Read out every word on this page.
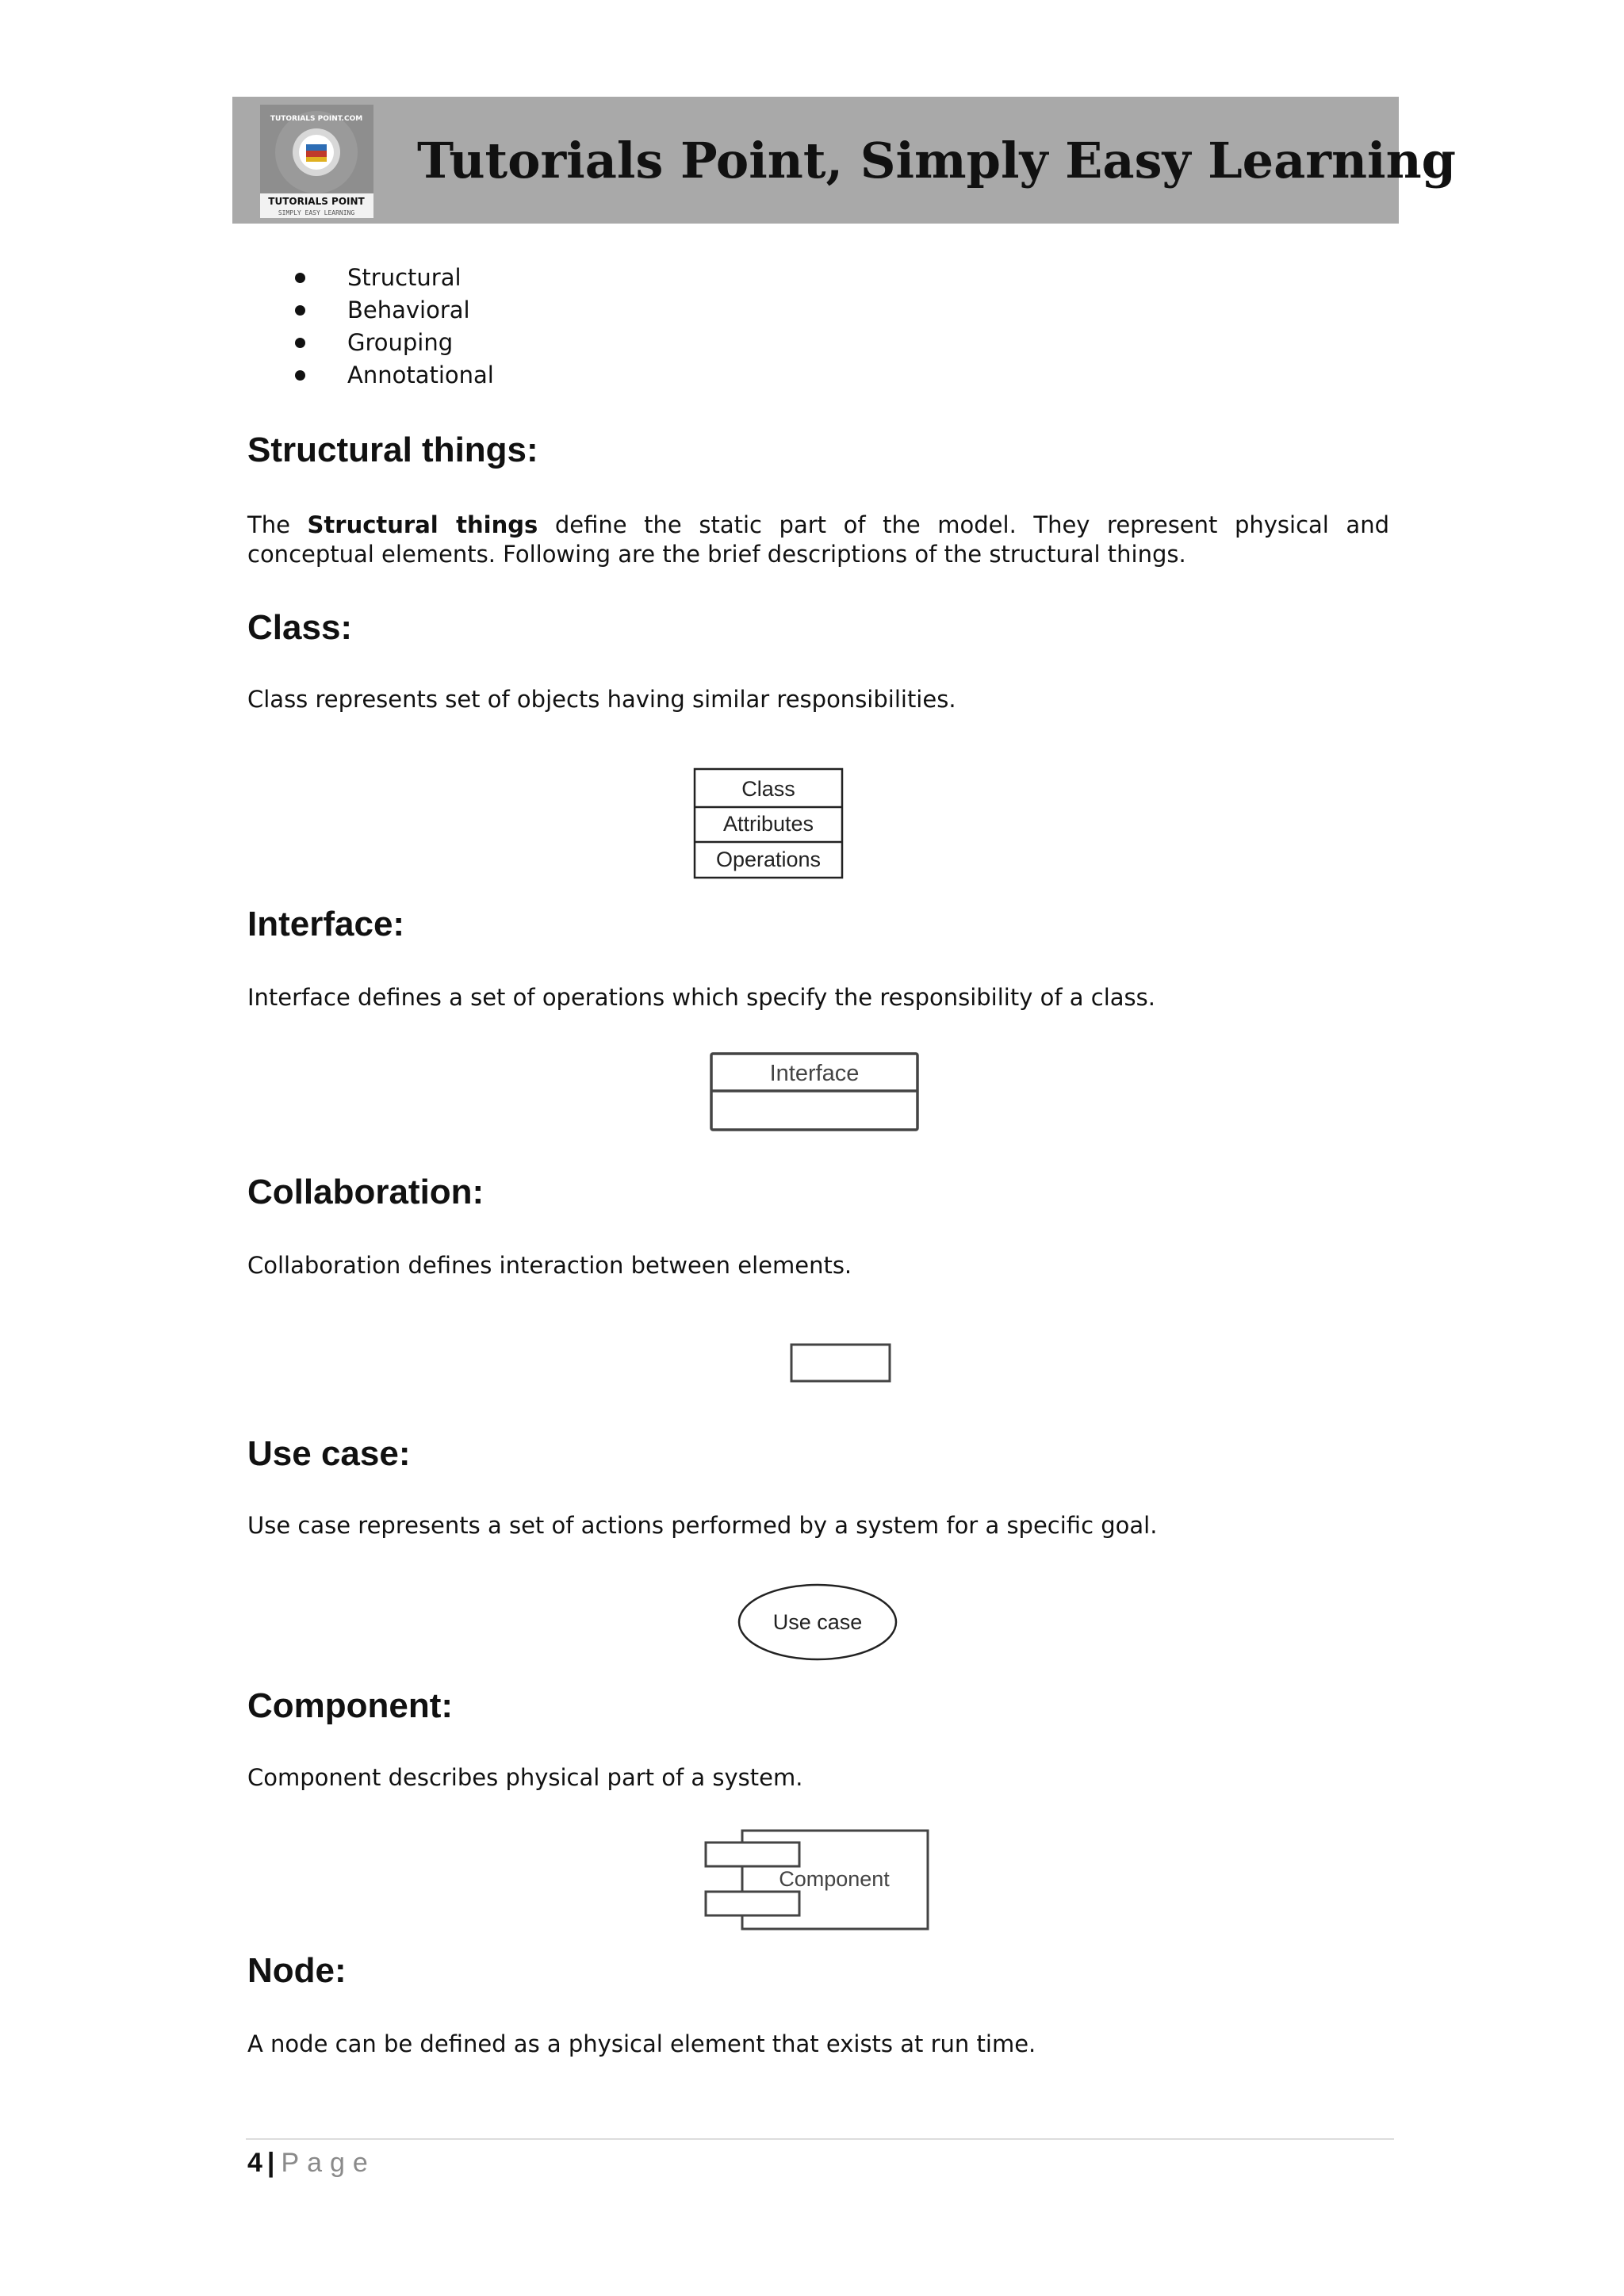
TUTORIALS POINT.COM
TUTORIALS POINT
SIMPLY EASY LEARNING
Tutorials Point, Simply Easy Learning
Structural
Behavioral
Grouping
Annotational
Structural things:

The Structural things define the static part of the model. They represent physical and conceptual elements. Following are the brief descriptions of the structural things.

Class:

Class represents set of objects having similar responsibilities.

Class
Attributes
Operations
Interface:

Interface defines a set of operations which specify the responsibility of a class.

Interface
Collaboration:

Collaboration defines interaction between elements.

Use case:

Use case represents a set of actions performed by a system for a specific goal.

Use case
Component:

Component describes physical part of a system.

Component
Node:

A node can be defined as a physical element that exists at run time.

4 | Page
